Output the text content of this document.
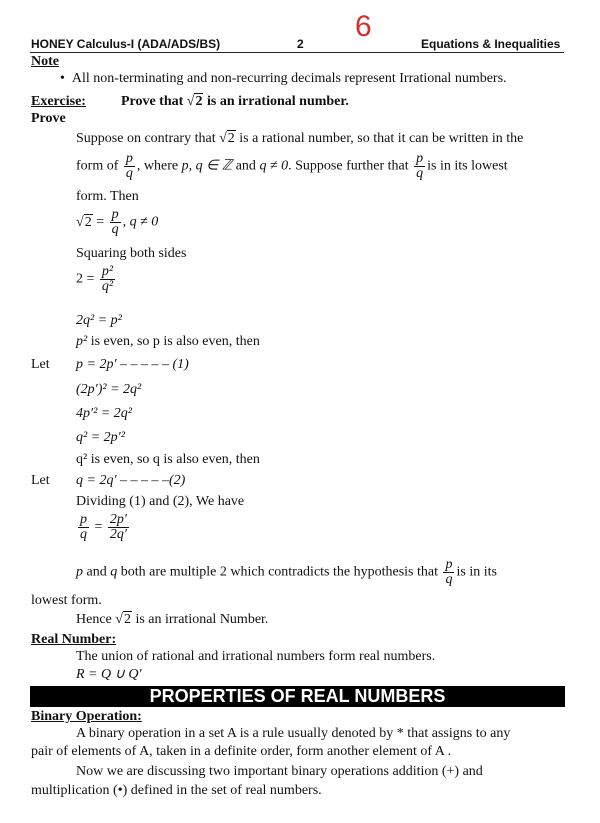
HONEY Calculus-I (ADA/ADS/BS)	2
6
Equations & Inequalities
Note
•  All non-terminating and non-recurring decimals represent Irrational numbers.
Exercise:	Prove that √2 is an irrational number.
Prove
Suppose on contrary that √2 is a rational number, so that it can be written in the
form of $\frac{p}{q}$ , where p, q ∈ ℤ and q ≠ 0. Suppose further that $\frac{p}{q}$ is in its lowest
form. Then
$√2 = \frac{p}{q}$ , q ≠ 0
Squaring both sides
$2 = \frac{\text{p²}}{\text{q²}}$
2q² = p²
p² is even, so p is also even, then
Let p = 2p′ – – – – – (1)
(2p′)² = 2q²
4p′² = 2q²
q² = 2p′²
q² is even, so q is also even, then
Let q = 2q′ – – – – –(2)
Dividing (1) and (2), We have
$\frac{p}{q} = \frac{2p'}{2q'}$
p and q both are multiple 2 which contradicts the hypothesis that $\frac{p}{q}$ is in its
lowest form.
Hence √2 is an irrational Number.
Real Number:
The union of rational and irrational numbers form real numbers.
R = Q ∪ Q′
PROPERTIES OF REAL NUMBERS
Binary Operation:
A binary operation in a set A is a rule usually denoted by * that assigns to any
pair of elements of A, taken in a definite order, form another element of A .
Now we are discussing two important binary operations addition (+) and
multiplication (•) defined in the set of real numbers.
